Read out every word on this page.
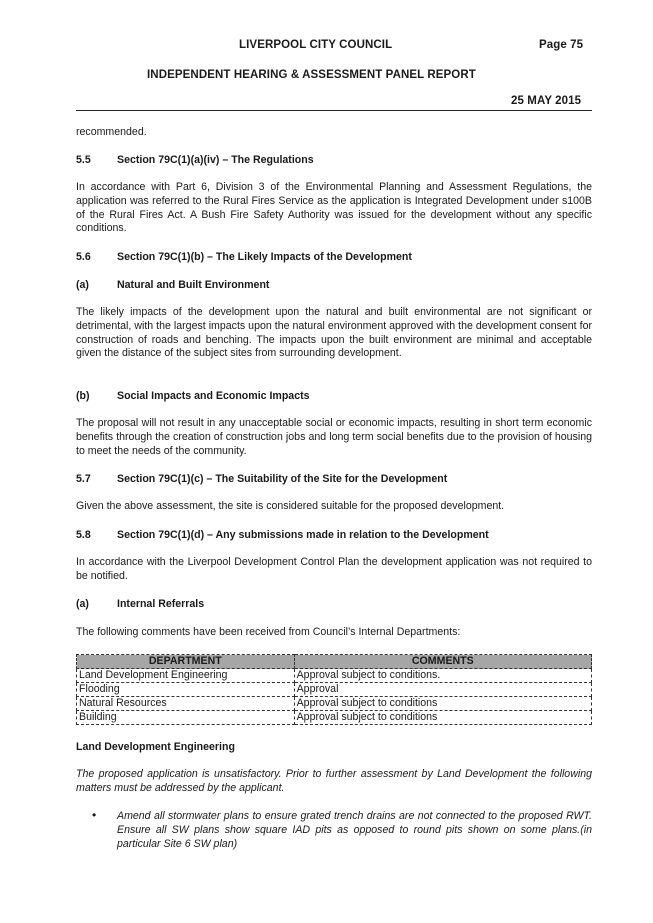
LIVERPOOL CITY COUNCIL	Page 75
INDEPENDENT HEARING & ASSESSMENT PANEL REPORT
25 MAY 2015
recommended.
5.5 Section 79C(1)(a)(iv) – The Regulations
In accordance with Part 6, Division 3 of the Environmental Planning and Assessment Regulations, the application was referred to the Rural Fires Service as the application is Integrated Development under s100B of the Rural Fires Act. A Bush Fire Safety Authority was issued for the development without any specific conditions.
5.6 Section 79C(1)(b) – The Likely Impacts of the Development
(a)	Natural and Built Environment
The likely impacts of the development upon the natural and built environmental are not significant or detrimental, with the largest impacts upon the natural environment approved with the development consent for construction of roads and benching. The impacts upon the built environment are minimal and acceptable given the distance of the subject sites from surrounding development.
(b)	Social Impacts and Economic Impacts
The proposal will not result in any unacceptable social or economic impacts, resulting in short term economic benefits through the creation of construction jobs and long term social benefits due to the provision of housing to meet the needs of the community.
5.7 Section 79C(1)(c) – The Suitability of the Site for the Development
Given the above assessment, the site is considered suitable for the proposed development.
5.8 Section 79C(1)(d) – Any submissions made in relation to the Development
In accordance with the Liverpool Development Control Plan the development application was not required to be notified.
(a)	Internal Referrals
The following comments have been received from Council’s Internal Departments:
DEPARTMENT	COMMENTS
Land Development Engineering	Approval subject to conditions.
Flooding	Approval
Natural Resources	Approval subject to conditions
Building	Approval subject to conditions
Land Development Engineering
The proposed application is unsatisfactory. Prior to further assessment by Land Development the following matters must be addressed by the applicant.
• Amend all stormwater plans to ensure grated trench drains are not connected to the proposed RWT. Ensure all SW plans show square IAD pits as opposed to round pits shown on some plans.(in particular Site 6 SW plan)
